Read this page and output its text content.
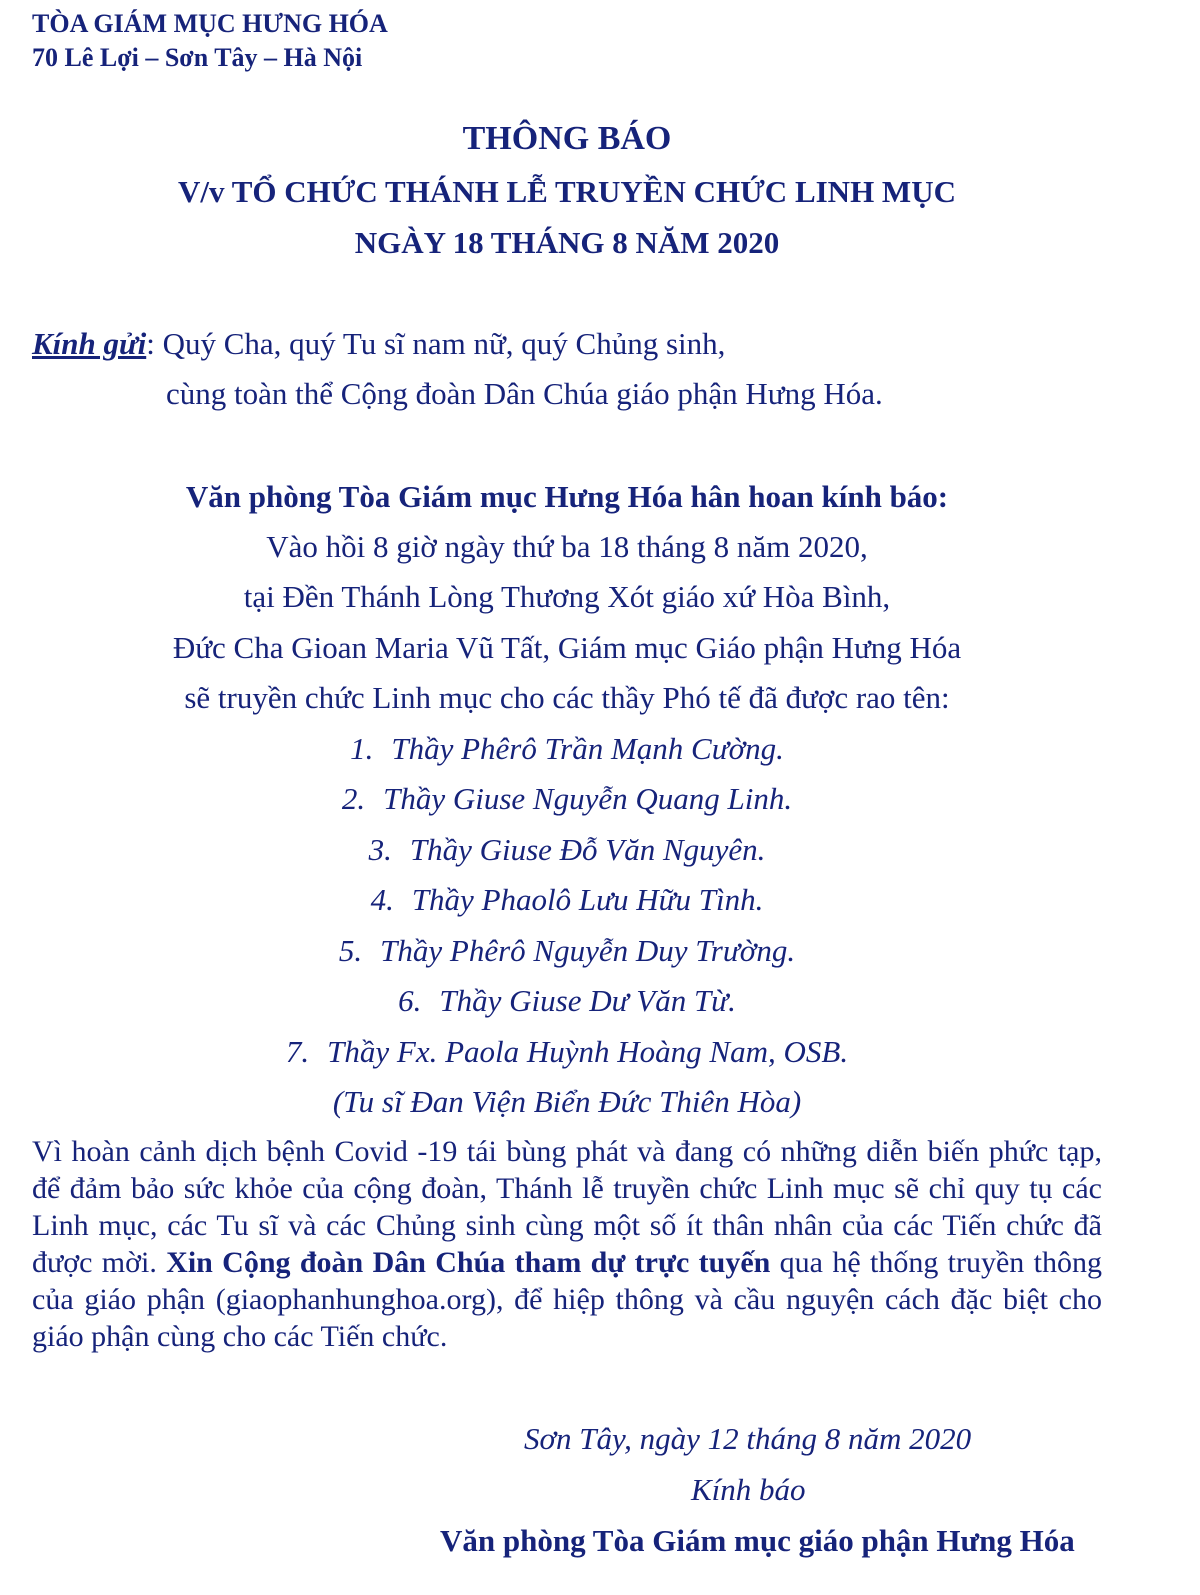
TÒA GIÁM MỤC HƯNG HÓA
70 Lê Lợi – Sơn Tây – Hà Nội
THÔNG BÁO
V/v TỔ CHỨC THÁNH LỄ TRUYỀN CHỨC LINH MỤC
NGÀY 18 THÁNG 8 NĂM 2020
Kính gửi: Quý Cha, quý Tu sĩ nam nữ, quý Chủng sinh,
cùng toàn thể Cộng đoàn Dân Chúa giáo phận Hưng Hóa.
Văn phòng Tòa Giám mục Hưng Hóa hân hoan kính báo:
Vào hồi 8 giờ ngày thứ ba 18 tháng 8 năm 2020,
tại Đền Thánh Lòng Thương Xót giáo xứ Hòa Bình,
Đức Cha Gioan Maria Vũ Tất, Giám mục Giáo phận Hưng Hóa
sẽ truyền chức Linh mục cho các thầy Phó tế đã được rao tên:
1. Thầy Phêrô Trần Mạnh Cường.
2. Thầy Giuse Nguyễn Quang Linh.
3. Thầy Giuse Đỗ Văn Nguyên.
4. Thầy Phaolô Lưu Hữu Tình.
5. Thầy Phêrô Nguyễn Duy Trường.
6. Thầy Giuse Dư Văn Từ.
7. Thầy Fx. Paola Huỳnh Hoàng Nam, OSB.
(Tu sĩ Đan Viện Biển Đức Thiên Hòa)

Vì hoàn cảnh dịch bệnh Covid -19 tái bùng phát và đang có những diễn biến phức tạp, để đảm bảo sức khỏe của cộng đoàn, Thánh lễ truyền chức Linh mục sẽ chỉ quy tụ các Linh mục, các Tu sĩ và các Chủng sinh cùng một số ít thân nhân của các Tiến chức đã được mời. Xin Cộng đoàn Dân Chúa tham dự trực tuyến qua hệ thống truyền thông của giáo phận (giaophanhunghoa.org), để hiệp thông và cầu nguyện cách đặc biệt cho giáo phận cùng cho các Tiến chức.

Sơn Tây, ngày 12 tháng 8 năm 2020
Kính báo
Văn phòng Tòa Giám mục giáo phận Hưng Hóa
